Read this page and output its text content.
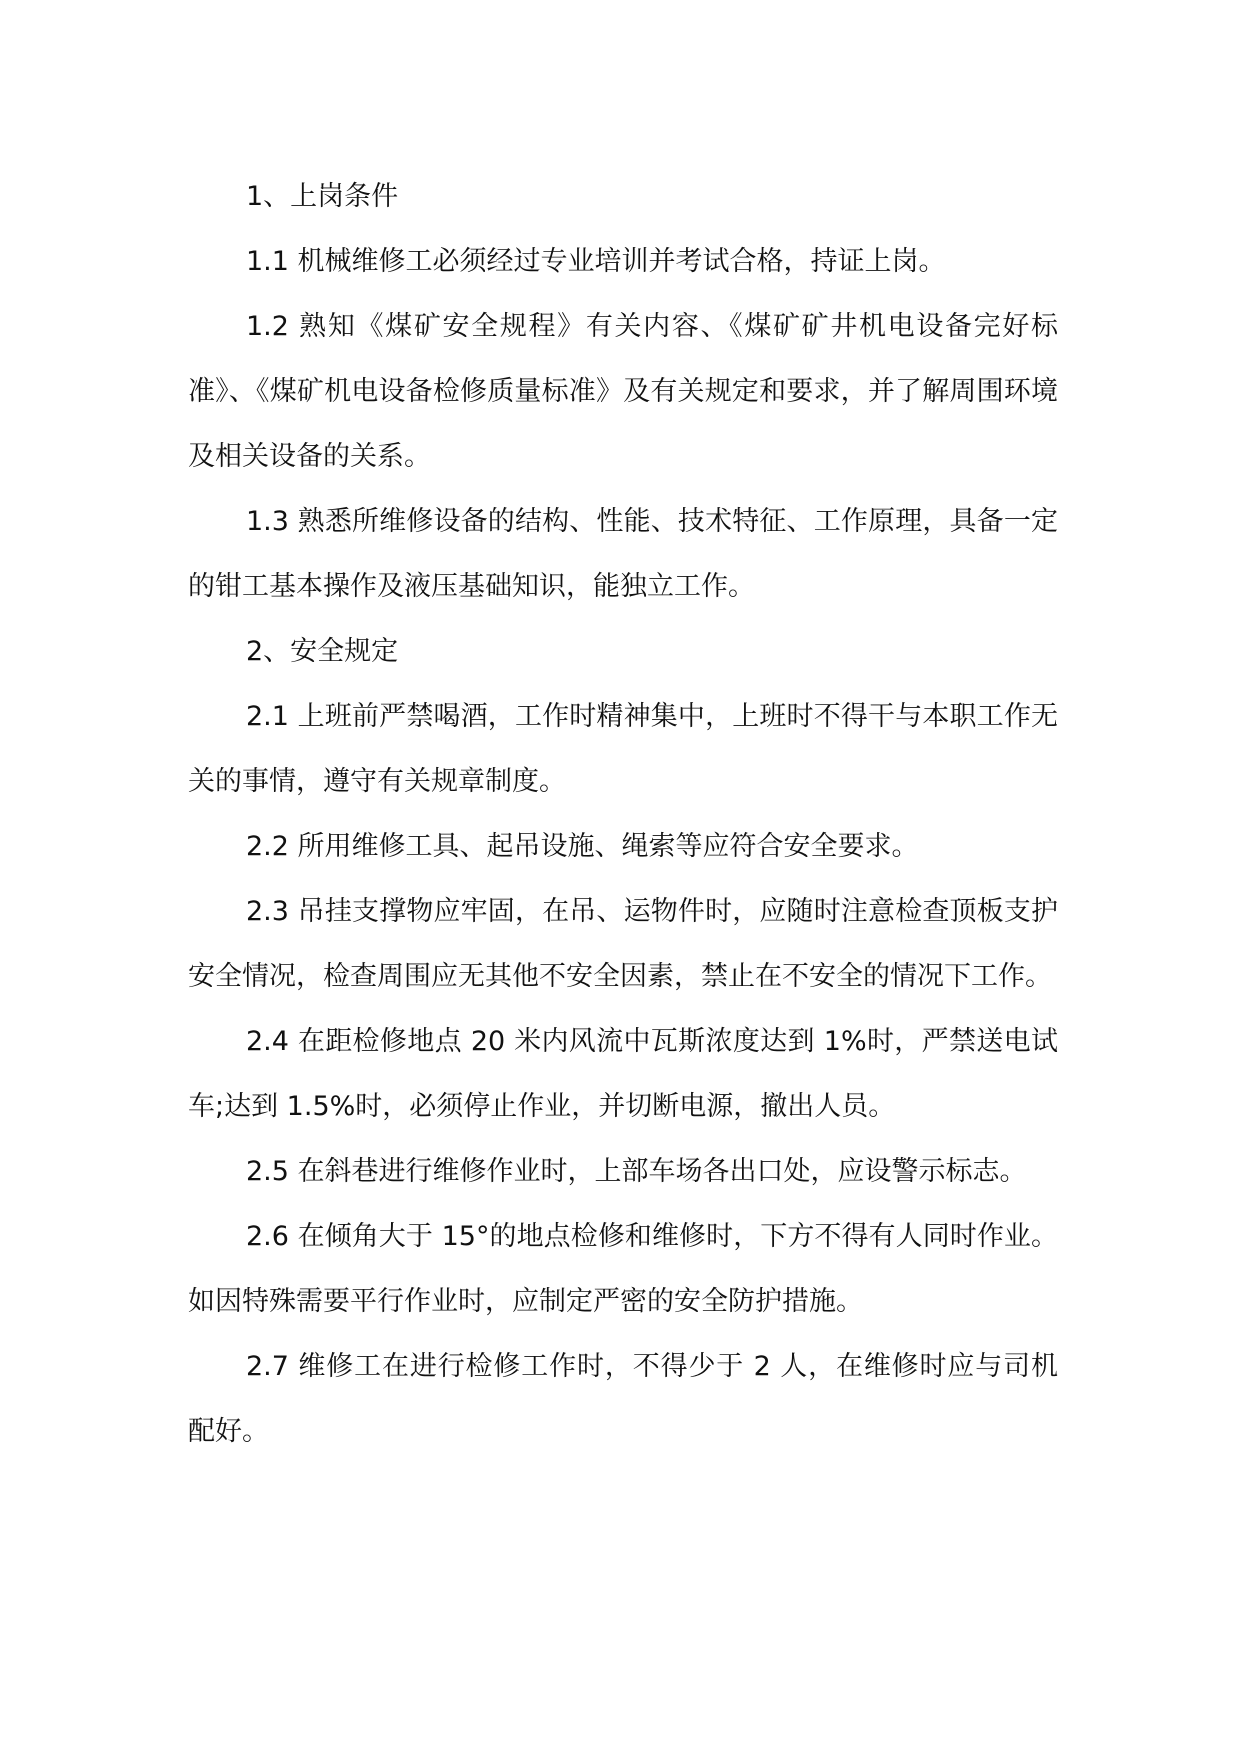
1、上岗条件

1.1 机械维修工必须经过专业培训并考试合格，持证上岗。

1.2 熟知《煤矿安全规程》有关内容、《煤矿矿井机电设备完好标准》、《煤矿机电设备检修质量标准》及有关规定和要求，并了解周围环境及相关设备的关系。

1.3 熟悉所维修设备的结构、性能、技术特征、工作原理，具备一定的钳工基本操作及液压基础知识，能独立工作。

2、安全规定

2.1 上班前严禁喝酒，工作时精神集中，上班时不得干与本职工作无关的事情，遵守有关规章制度。

2.2 所用维修工具、起吊设施、绳索等应符合安全要求。

2.3 吊挂支撑物应牢固，在吊、运物件时，应随时注意检查顶板支护安全情况，检查周围应无其他不安全因素，禁止在不安全的情况下工作。

2.4 在距检修地点 20 米内风流中瓦斯浓度达到 1%时，严禁送电试车;达到 1.5%时，必须停止作业，并切断电源，撤出人员。

2.5 在斜巷进行维修作业时，上部车场各出口处，应设警示标志。

2.6 在倾角大于 15°的地点检修和维修时，下方不得有人同时作业。如因特殊需要平行作业时，应制定严密的安全防护措施。

2.7 维修工在进行检修工作时，不得少于 2 人，在维修时应与司机配好。
